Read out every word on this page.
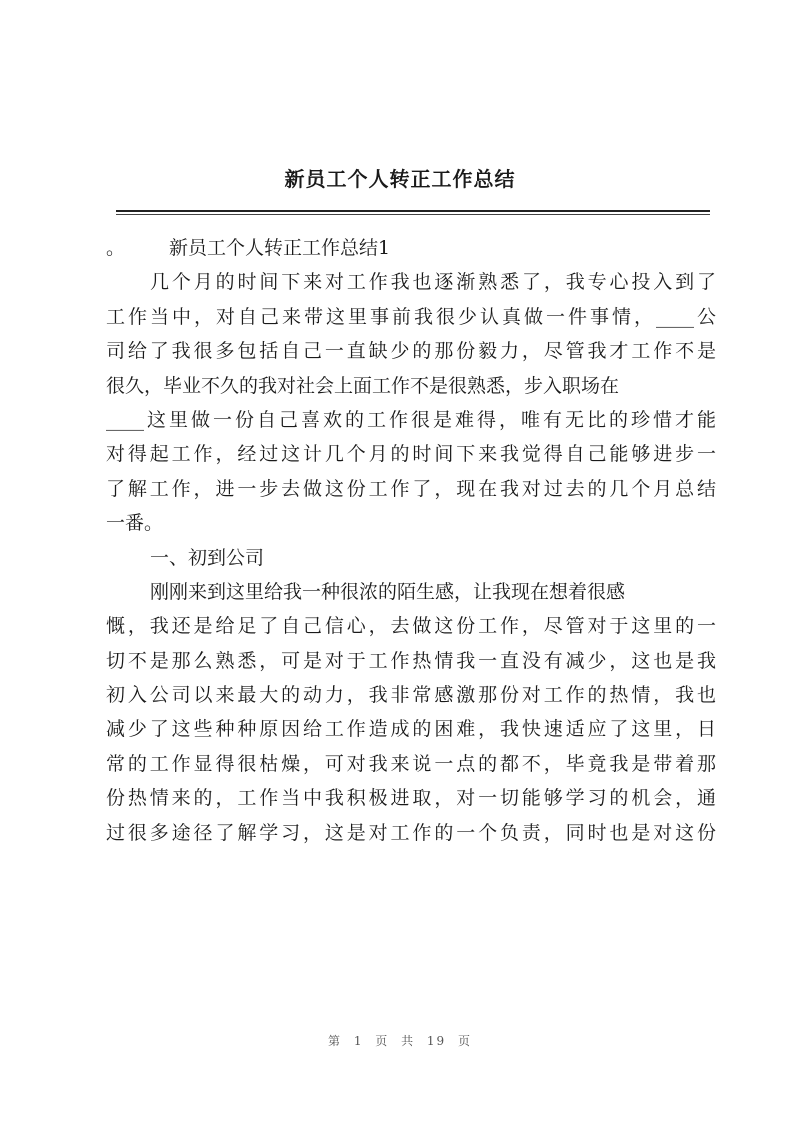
新员工个人转正工作总结
。 新员工个人转正工作总结1
几个月的时间下来对工作我也逐渐熟悉了，我专心投入到了
工作当中，对自己来带这里事前我很少认真做一件事情，____公
司给了我很多包括自己一直缺少的那份毅力，尽管我才工作不是
很久，毕业不久的我对社会上面工作不是很熟悉，步入职场在
____这里做一份自己喜欢的工作很是难得，唯有无比的珍惜才能
对得起工作，经过这计几个月的时间下来我觉得自己能够进步一
了解工作，进一步去做这份工作了，现在我对过去的几个月总结
一番。
一、初到公司
刚刚来到这里给我一种很浓的陌生感，让我现在想着很感
慨，我还是给足了自己信心，去做这份工作，尽管对于这里的一
切不是那么熟悉，可是对于工作热情我一直没有减少，这也是我
初入公司以来最大的动力，我非常感激那份对工作的热情，我也
减少了这些种种原因给工作造成的困难，我快速适应了这里，日
常的工作显得很枯燥，可对我来说一点的都不，毕竟我是带着那
份热情来的，工作当中我积极进取，对一切能够学习的机会，通
过很多途径了解学习，这是对工作的一个负责，同时也是对这份
第 1 页 共 19 页
